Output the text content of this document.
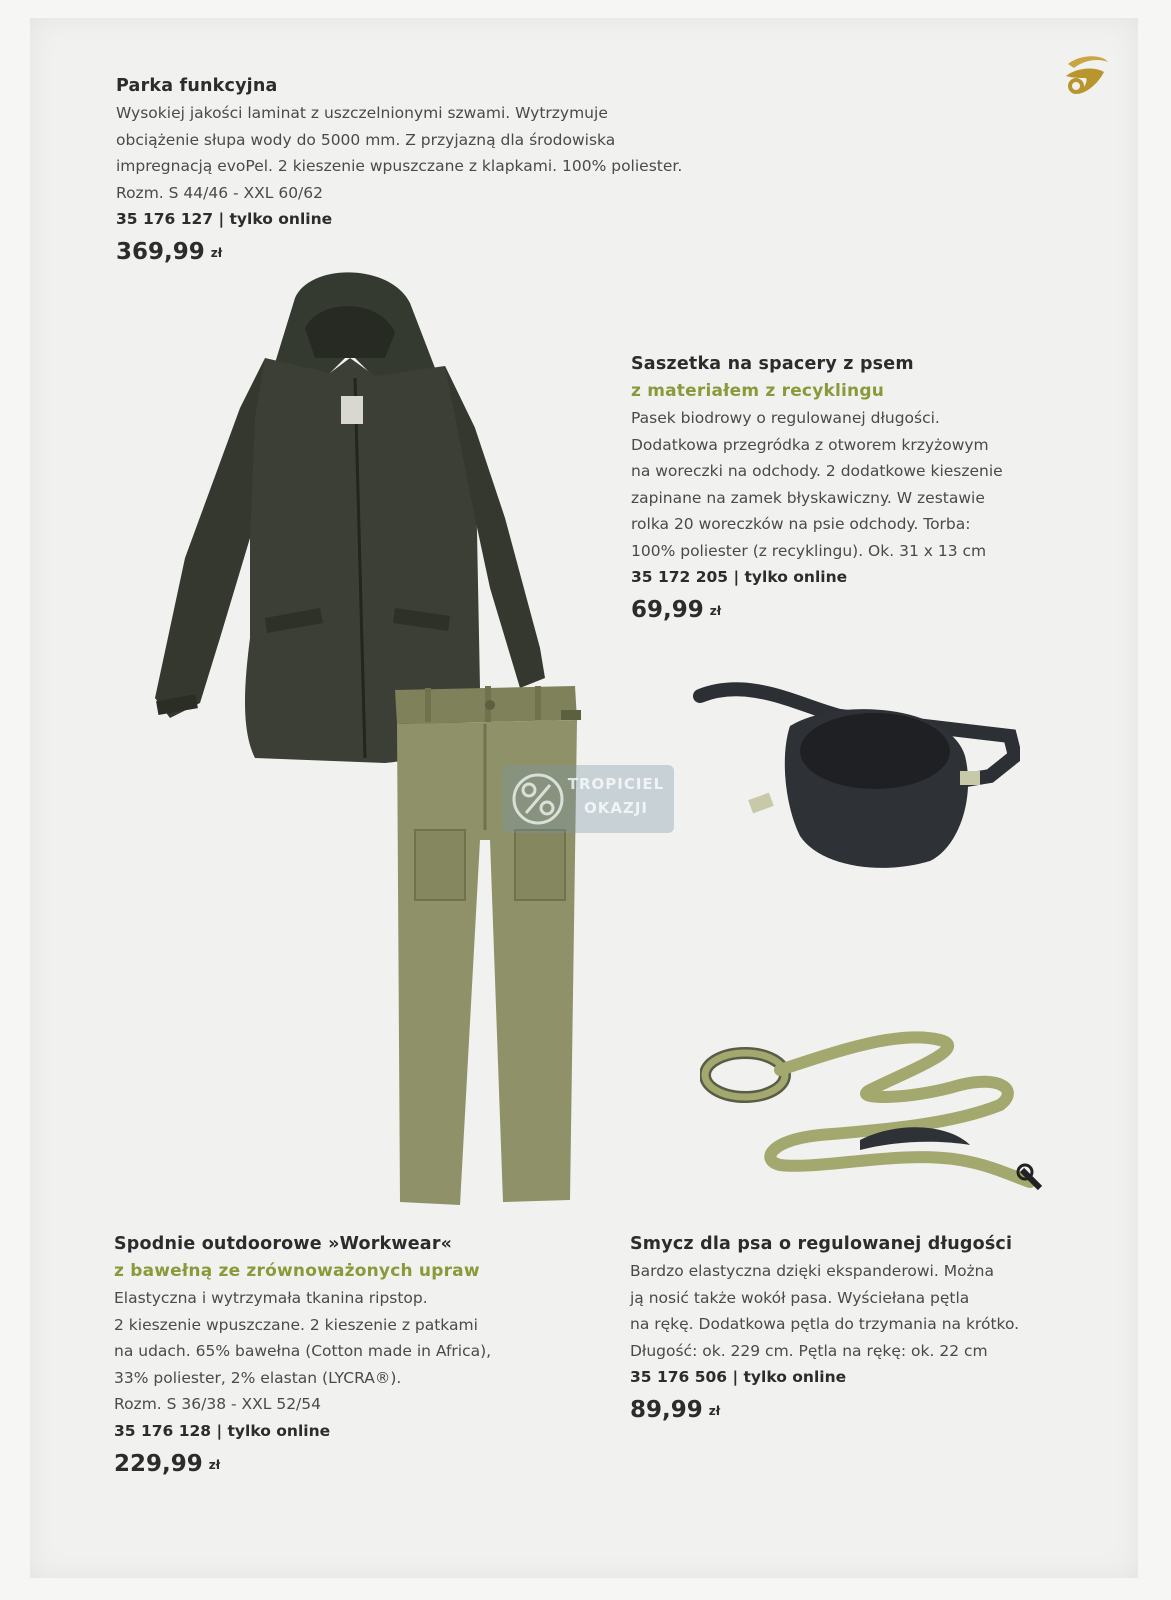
Parka funkcyjna

Wysokiej jakości laminat z uszczelnionymi szwami. Wytrzymuje

obciążenie słupa wody do 5000 mm. Z przyjazną dla środowiska

impregnacją evoPel. 2 kieszenie wpuszczane z klapkami. 100% poliester.

Rozm. S 44/46 - XXL 60/62

35 176 127 | tylko online

369,99 zł

Saszetka na spacery z psem

z materiałem z recyklingu

Pasek biodrowy o regulowanej długości.

Dodatkowa przegródka z otworem krzyżowym

na woreczki na odchody. 2 dodatkowe kieszenie

zapinane na zamek błyskawiczny. W zestawie

rolka 20 woreczków na psie odchody. Torba:

100% poliester (z recyklingu). Ok. 31 x 13 cm

35 172 205 | tylko online

69,99 zł

Spodnie outdoorowe »Workwear«

z bawełną ze zrównoważonych upraw

Elastyczna i wytrzymała tkanina ripstop.

2 kieszenie wpuszczane. 2 kieszenie z patkami

na udach. 65% bawełna (Cotton made in Africa),

33% poliester, 2% elastan (LYCRA®).

Rozm. S 36/38 - XXL 52/54

35 176 128 | tylko online

229,99 zł

Smycz dla psa o regulowanej długości

Bardzo elastyczna dzięki ekspanderowi. Można

ją nosić także wokół pasa. Wyściełana pętla

na rękę. Dodatkowa pętla do trzymania na krótko.

Długość: ok. 229 cm. Pętla na rękę: ok. 22 cm

35 176 506 | tylko online

89,99 zł
TROPICIEL
OKAZJI
